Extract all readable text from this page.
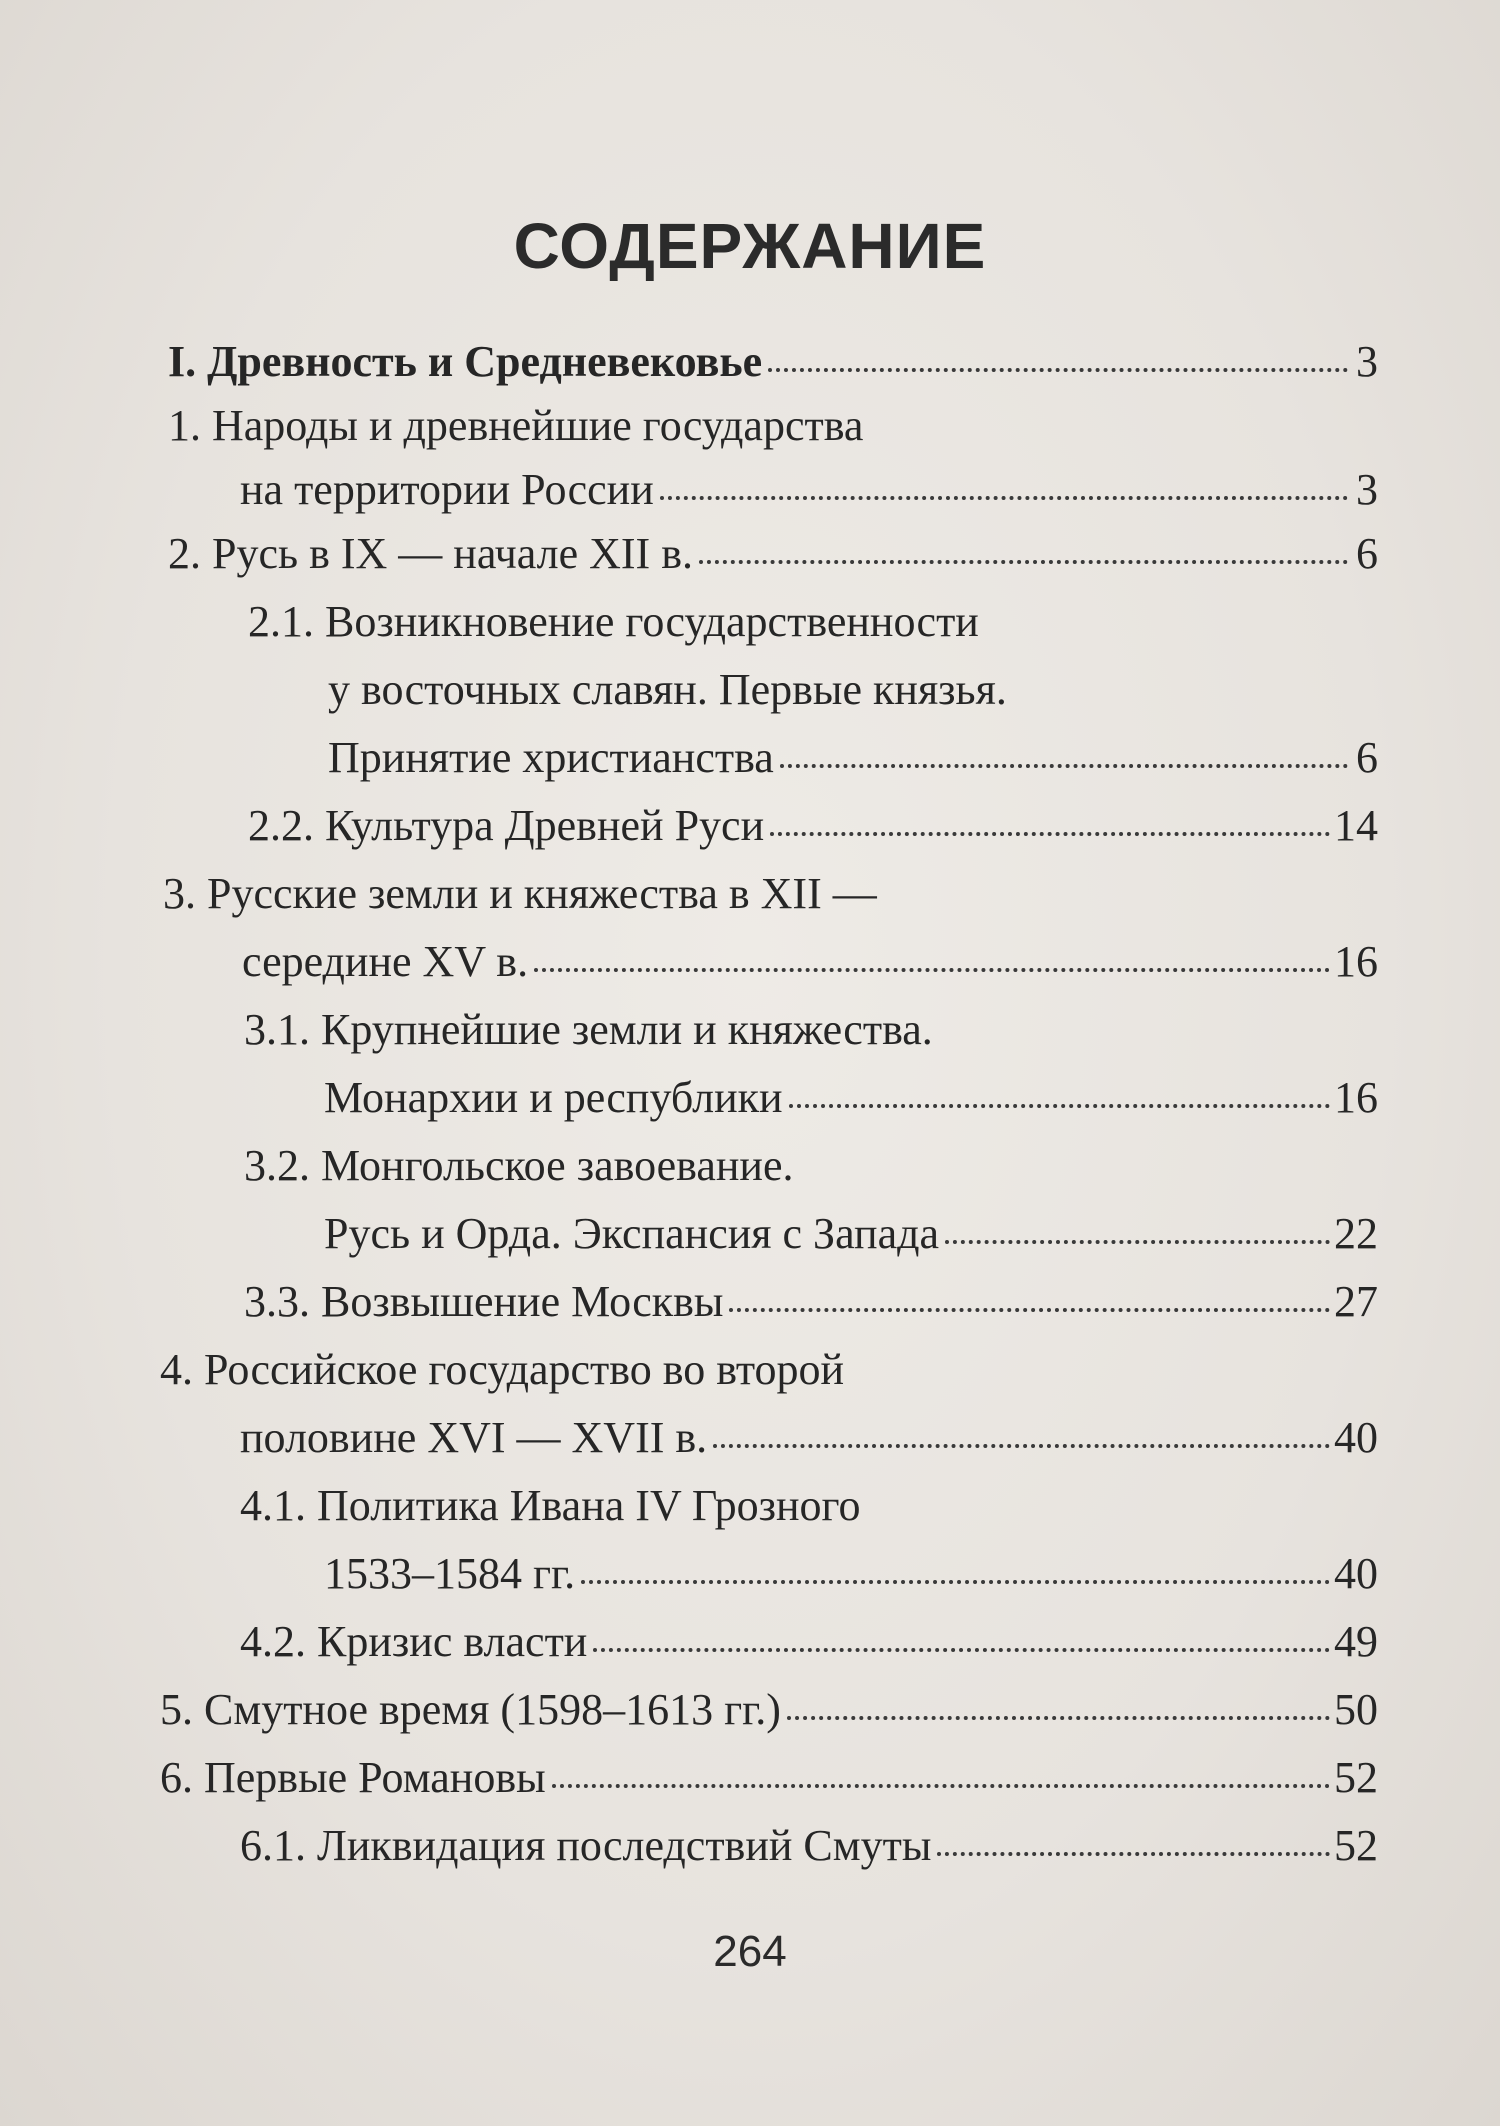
СОДЕРЖАНИЕ
I. Древность и Средневековье	3
1. Народы и древнейшие государства
на территории России	3
2. Русь в IX — начале XII в.	6
2.1. Возникновение государственности
у восточных славян. Первые князья.
Принятие христианства	6
2.2. Культура Древней Руси	14
3. Русские земли и княжества в XII —
середине XV в.	16
3.1. Крупнейшие земли и княжества.
Монархии и республики	16
3.2. Монгольское завоевание.
Русь и Орда. Экспансия с Запада	22
3.3. Возвышение Москвы	27
4. Российское государство во второй
половине XVI — XVII в.	40
4.1. Политика Ивана IV Грозного
1533–1584 гг.	40
4.2. Кризис власти	49
5. Смутное время (1598–1613 гг.)	50
6. Первые Романовы	52
6.1. Ликвидация последствий Смуты	52
264
